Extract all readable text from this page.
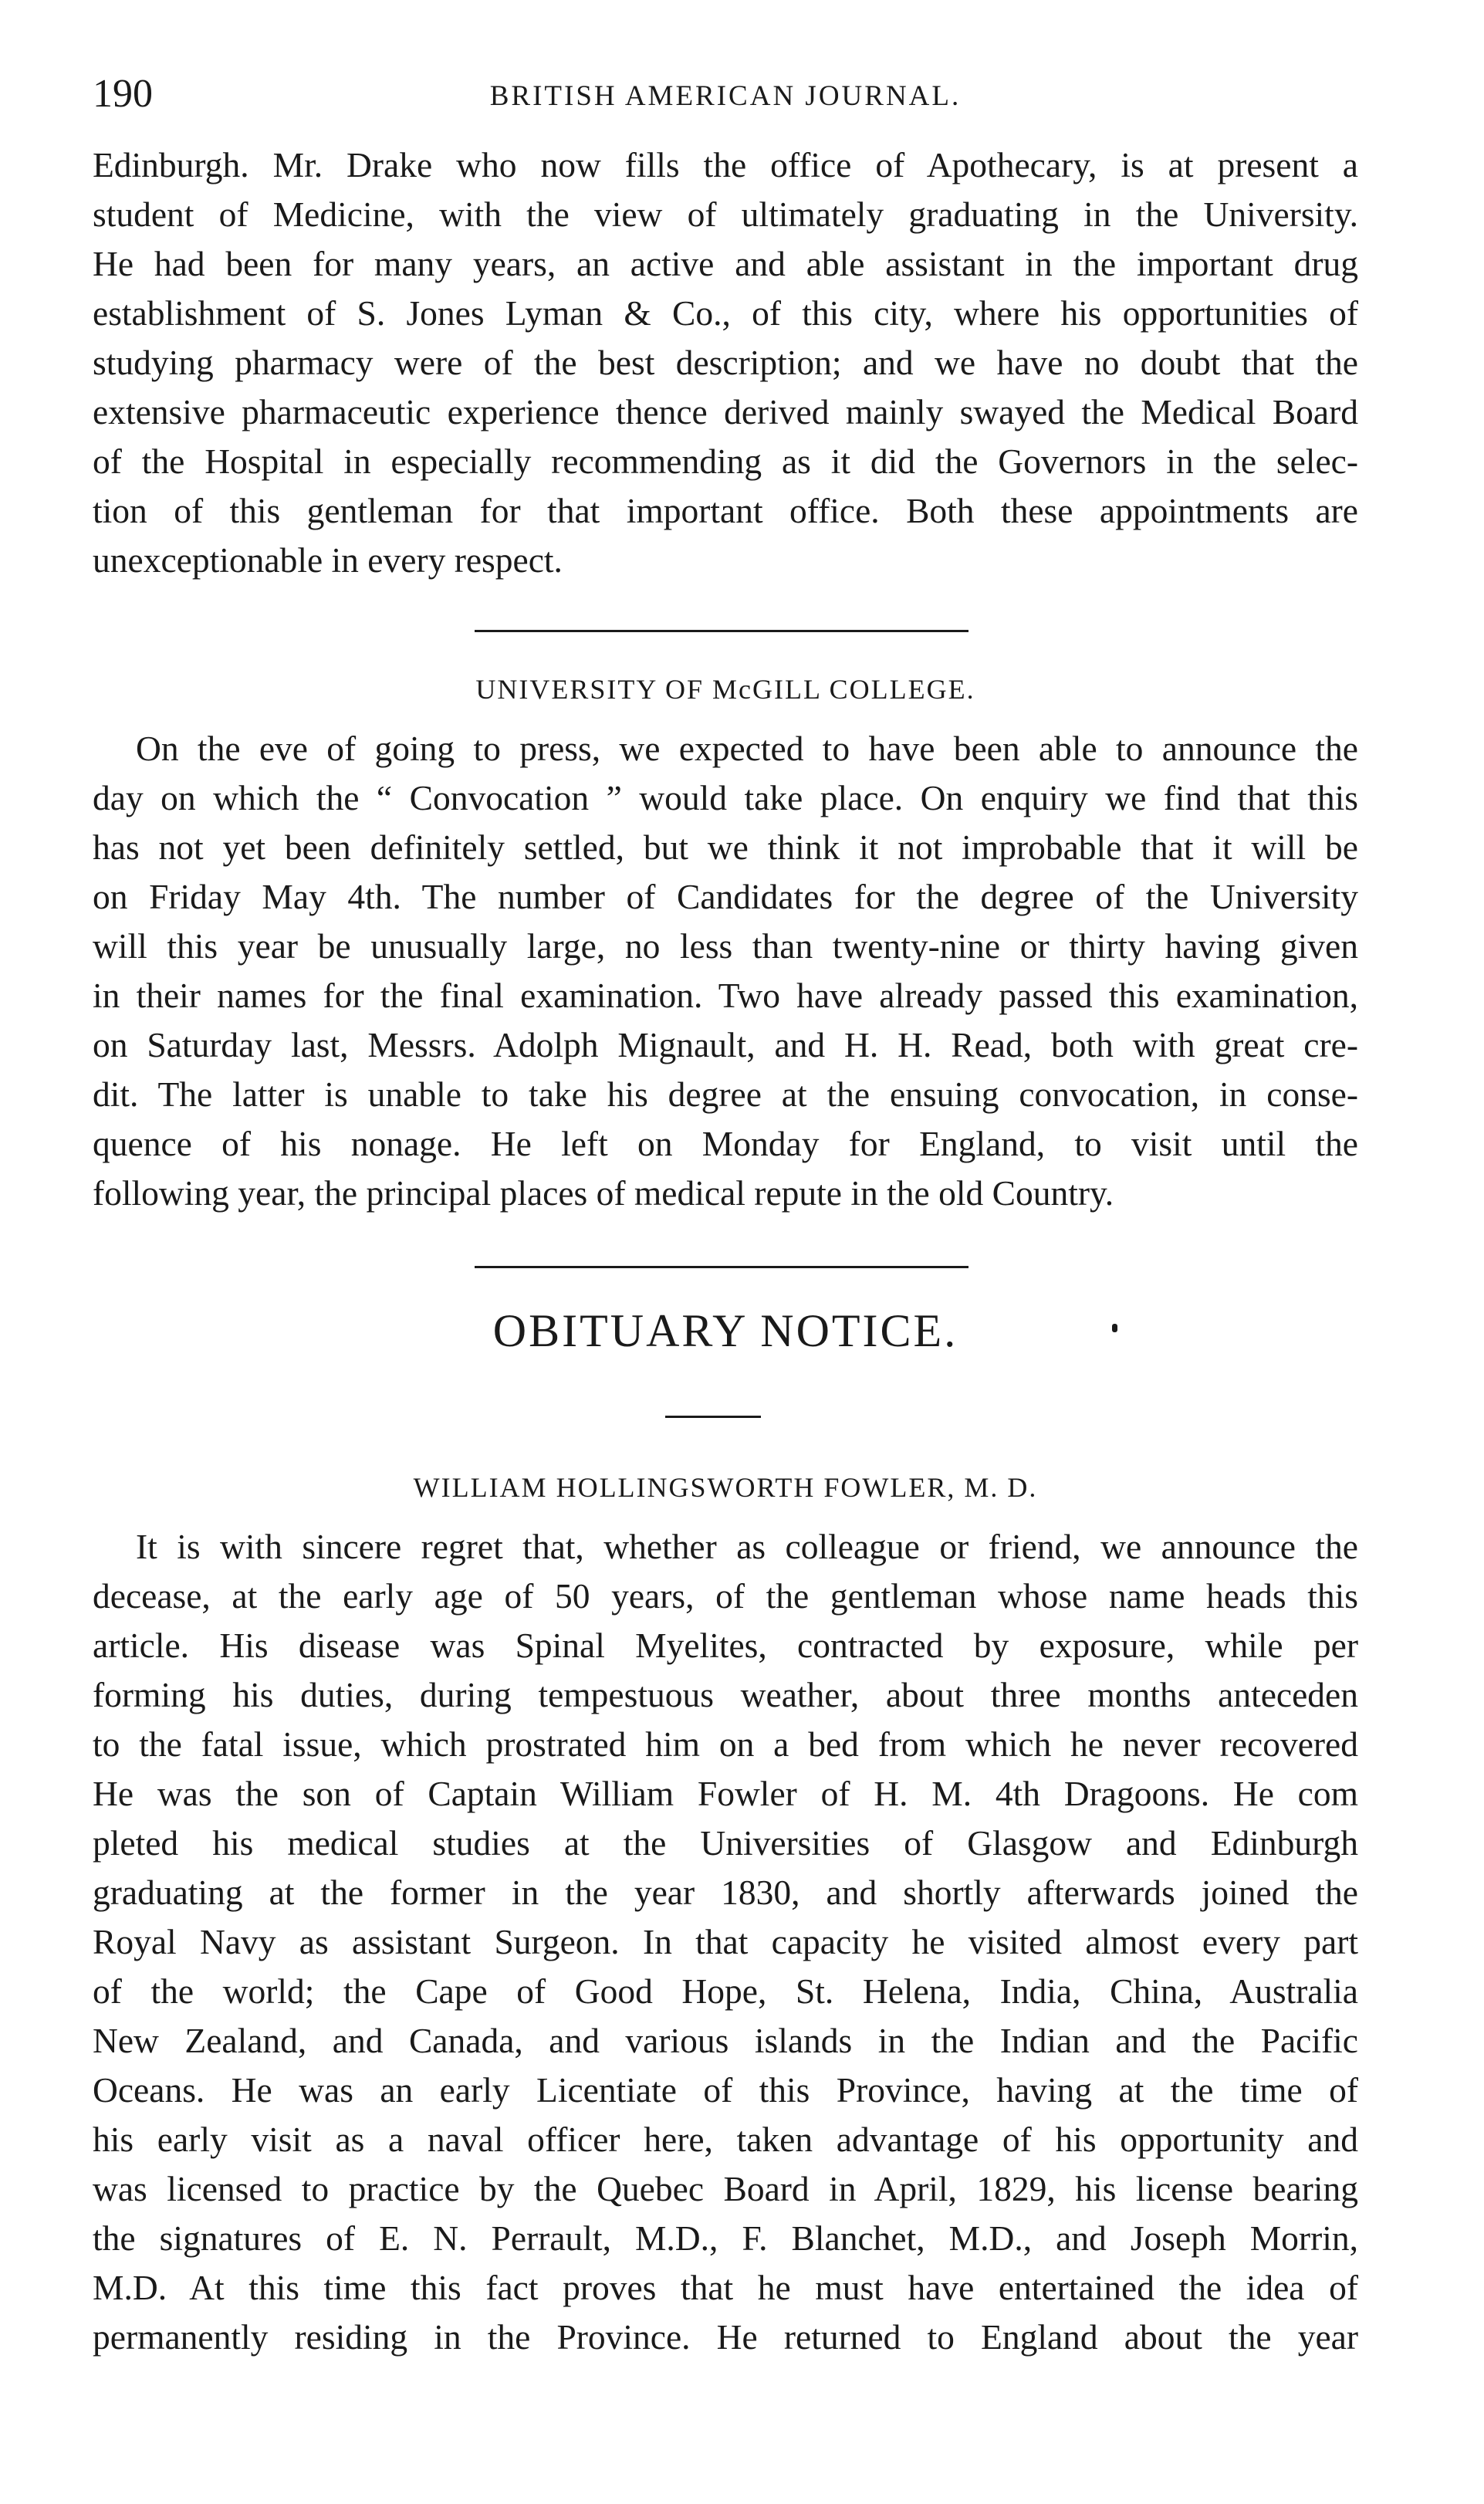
190	BRITISH AMERICAN JOURNAL.
Edinburgh. Mr. Drake who now fills the office of Apothecary, is at present a
student of Medicine, with the view of ultimately graduating in the University.
He had been for many years, an active and able assistant in the important drug
establishment of S. Jones Lyman & Co., of this city, where his opportunities of
studying pharmacy were of the best description; and we have no doubt that the
extensive pharmaceutic experience thence derived mainly swayed the Medical Board
of the Hospital in especially recommending as it did the Governors in the selec-
tion of this gentleman for that important office. Both these appointments are
unexceptionable in every respect.
UNIVERSITY OF McGILL COLLEGE.
On the eve of going to press, we expected to have been able to announce the
day on which the “ Convocation ” would take place. On enquiry we find that this
has not yet been definitely settled, but we think it not improbable that it will be
on Friday May 4th. The number of Candidates for the degree of the University
will this year be unusually large, no less than twenty-nine or thirty having given
in their names for the final examination. Two have already passed this examination,
on Saturday last, Messrs. Adolph Mignault, and H. H. Read, both with great cre-
dit. The latter is unable to take his degree at the ensuing convocation, in conse-
quence of his nonage. He left on Monday for England, to visit until the
following year, the principal places of medical repute in the old Country.
OBITUARY NOTICE.
WILLIAM HOLLINGSWORTH FOWLER, M. D.
It is with sincere regret that, whether as colleague or friend, we announce the
decease, at the early age of 50 years, of the gentleman whose name heads this
article. His disease was Spinal Myelites, contracted by exposure, while per
forming his duties, during tempestuous weather, about three months anteceden
to the fatal issue, which prostrated him on a bed from which he never recovered
He was the son of Captain William Fowler of H. M. 4th Dragoons. He com
pleted his medical studies at the Universities of Glasgow and Edinburgh
graduating at the former in the year 1830, and shortly afterwards joined the
Royal Navy as assistant Surgeon. In that capacity he visited almost every part
of the world; the Cape of Good Hope, St. Helena, India, China, Australia
New Zealand, and Canada, and various islands in the Indian and the Pacific
Oceans. He was an early Licentiate of this Province, having at the time of
his early visit as a naval officer here, taken advantage of his opportunity and
was licensed to practice by the Quebec Board in April, 1829, his license bearing
the signatures of E. N. Perrault, M.D., F. Blanchet, M.D., and Joseph Morrin,
M.D. At this time this fact proves that he must have entertained the idea of
permanently residing in the Province. He returned to England about the year
